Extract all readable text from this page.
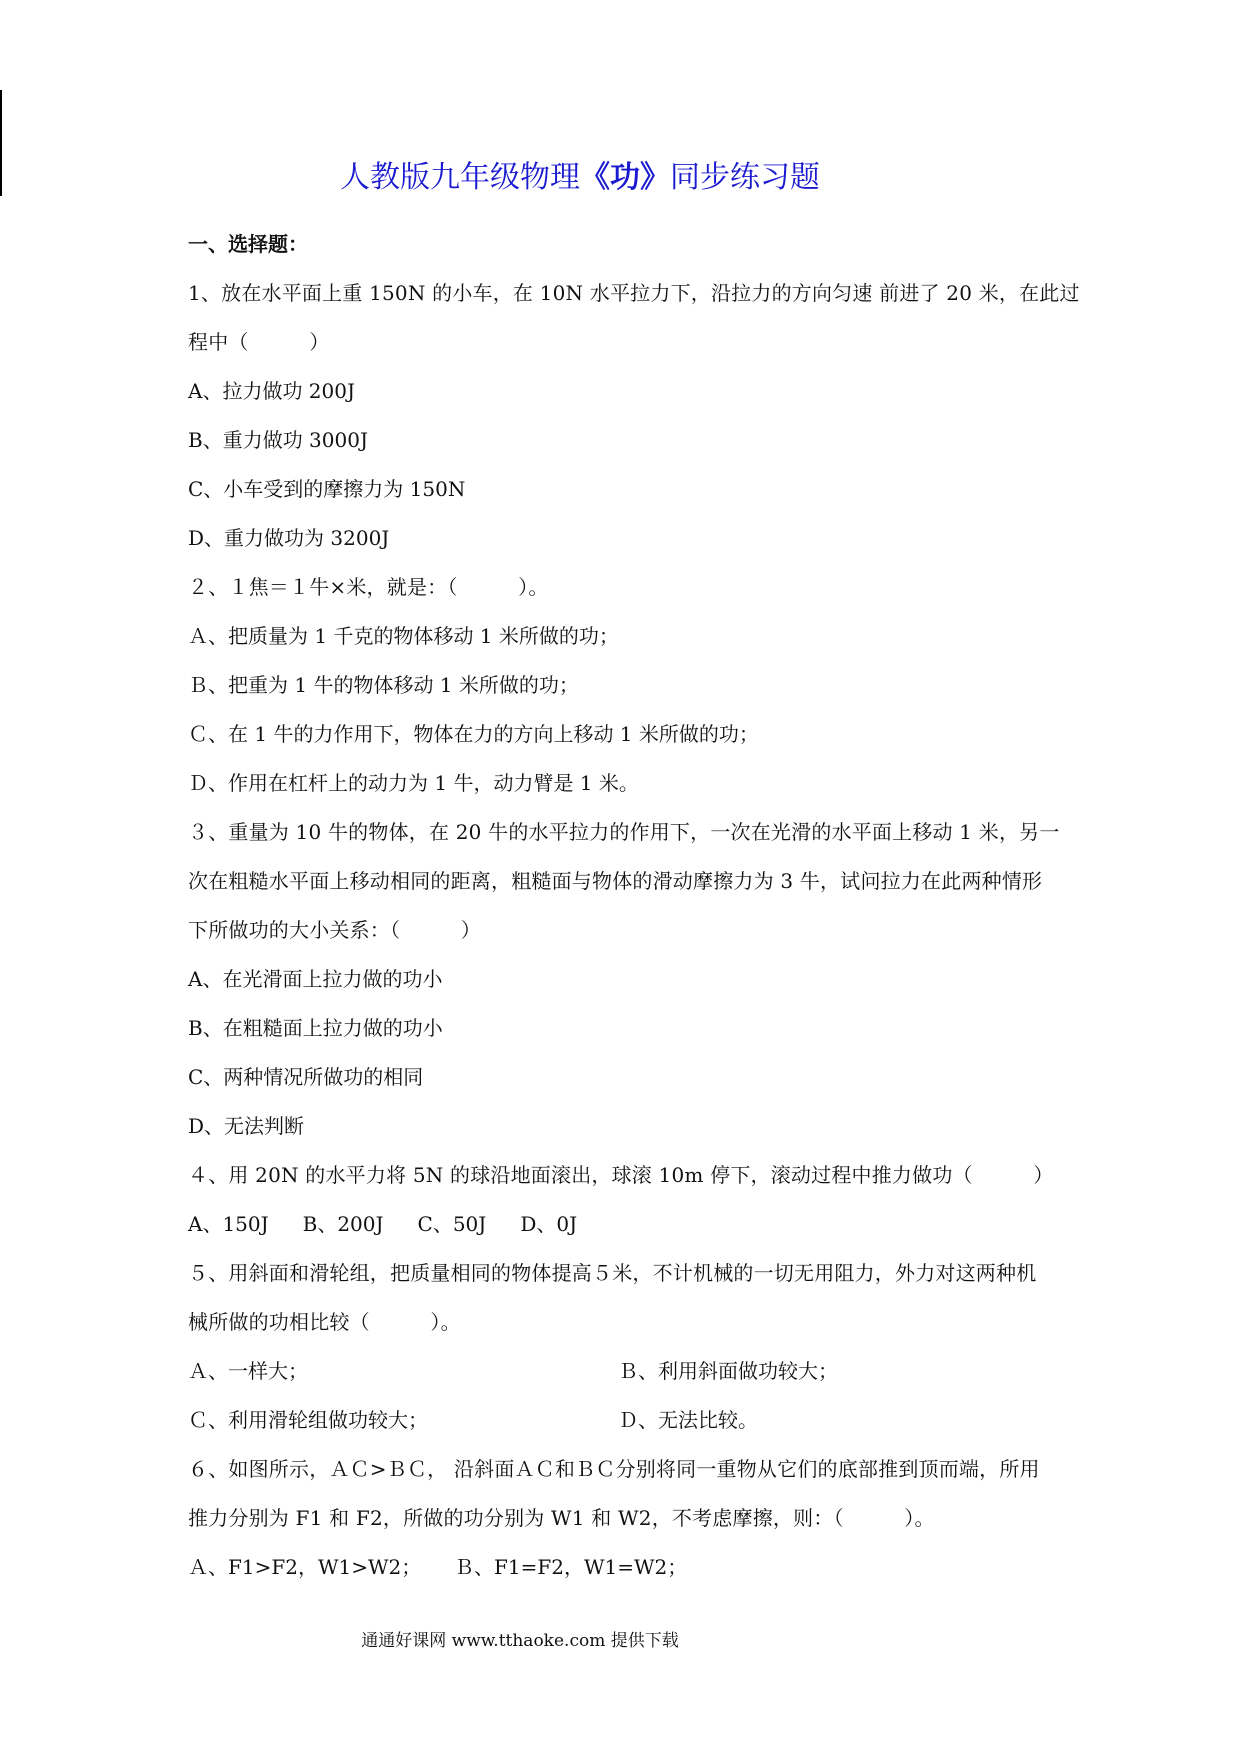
人教版九年级物理《功》同步练习题
一、选择题：
1、放在水平面上重 150N 的小车，在 10N 水平拉力下，沿拉力的方向匀速 前进了 20 米，在此过
程中（　　　）
A、拉力做功 200J
B、重力做功 3000J
C、小车受到的摩擦力为 150N
D、重力做功为 3200J
２、１焦＝１牛×米，就是：（　　　）。
Ａ、把质量为 1 千克的物体移动 1 米所做的功；
Ｂ、把重为 1 牛的物体移动 1 米所做的功；
Ｃ、在 1 牛的力作用下，物体在力的方向上移动 1 米所做的功；
Ｄ、作用在杠杆上的动力为 1 牛，动力臂是 1 米。
３、重量为 10 牛的物体，在 20 牛的水平拉力的作用下，一次在光滑的水平面上移动 1 米，另一
次在粗糙水平面上移动相同的距离，粗糙面与物体的滑动摩擦力为 3 牛，试问拉力在此两种情形
下所做功的大小关系：（　　　）
A、在光滑面上拉力做的功小
B、在粗糙面上拉力做的功小
C、两种情况所做功的相同
D、无法判断
４、用 20N 的水平力将 5N 的球沿地面滚出，球滚 10m 停下，滚动过程中推力做功（　　　）
A、150J B、200J C、50J D、0J
５、用斜面和滑轮组，把质量相同的物体提高５米，不计机械的一切无用阻力，外力对这两种机
械所做的功相比较（　　　）。
Ａ、一样大；	Ｂ、利用斜面做功较大；
Ｃ、利用滑轮组做功较大；	Ｄ、无法比较。
６、如图所示，ＡＣ>ＢＣ， 沿斜面ＡＣ和ＢＣ分别将同一重物从它们的底部推到顶而端，所用
推力分别为 F1 和 F2，所做的功分别为 W1 和 W2，不考虑摩擦，则：（　　　）。
Ａ、F1>F2，W1>W2；	Ｂ、F1=F2，W1=W2；
通通好课网 www.tthaoke.com 提供下载
